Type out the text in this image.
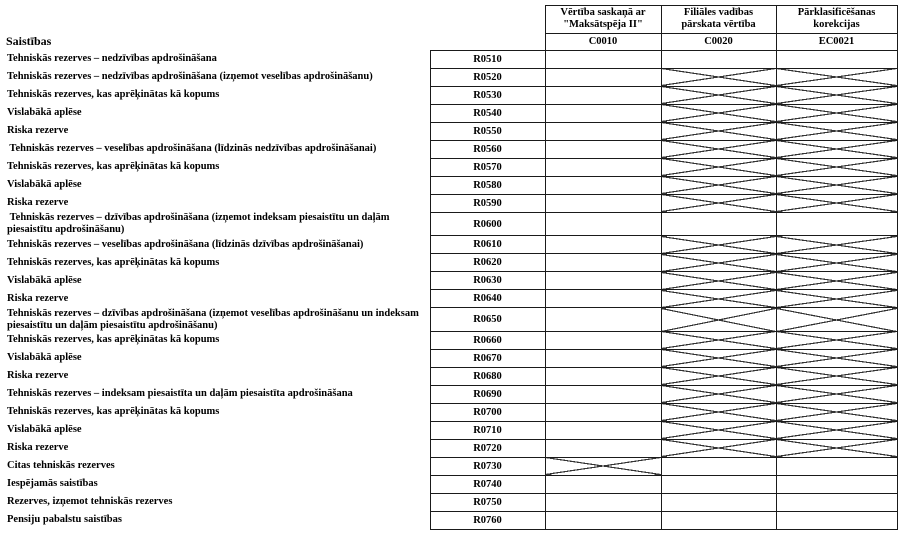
		Vērtība saskaņā ar "Maksātspēja II"	Filiāles vadības pārskata vērtība	Pārklasificēšanas korekcijas
Saistības		C0010	C0020	EC0021
Tehniskās rezerves – nedzīvības apdrošināšana	R0510			
Tehniskās rezerves – nedzīvības apdrošināšana (izņemot veselības apdrošināšanu)	R0520			
Tehniskās rezerves, kas aprēķinātas kā kopums	R0530			
Vislabākā aplēse	R0540			
Riska rezerve	R0550			
Tehniskās rezerves – veselības apdrošināšana (līdzinās nedzīvības apdrošināšanai)	R0560			
Tehniskās rezerves, kas aprēķinātas kā kopums	R0570			
Vislabākā aplēse	R0580			
Riska rezerve	R0590			
Tehniskās rezerves – dzīvības apdrošināšana (izņemot indeksam piesaistītu un daļām piesaistītu apdrošināšanu)	R0600			
Tehniskās rezerves – veselības apdrošināšana (līdzinās dzīvības apdrošināšanai)	R0610			
Tehniskās rezerves, kas aprēķinātas kā kopums	R0620			
Vislabākā aplēse	R0630			
Riska rezerve	R0640			
Tehniskās rezerves – dzīvības apdrošināšana (izņemot veselības apdrošināšanu un indeksam piesaistītu un daļām piesaistītu apdrošināšanu)	R0650			
Tehniskās rezerves, kas aprēķinātas kā kopums	R0660			
Vislabākā aplēse	R0670			
Riska rezerve	R0680			
Tehniskās rezerves – indeksam piesaistīta un daļām piesaistīta apdrošināšana	R0690			
Tehniskās rezerves, kas aprēķinātas kā kopums	R0700			
Vislabākā aplēse	R0710			
Riska rezerve	R0720			
Citas tehniskās rezerves	R0730			
Iespējamās saistības	R0740			
Rezerves, izņemot tehniskās rezerves	R0750			
Pensiju pabalstu saistības	R0760			
